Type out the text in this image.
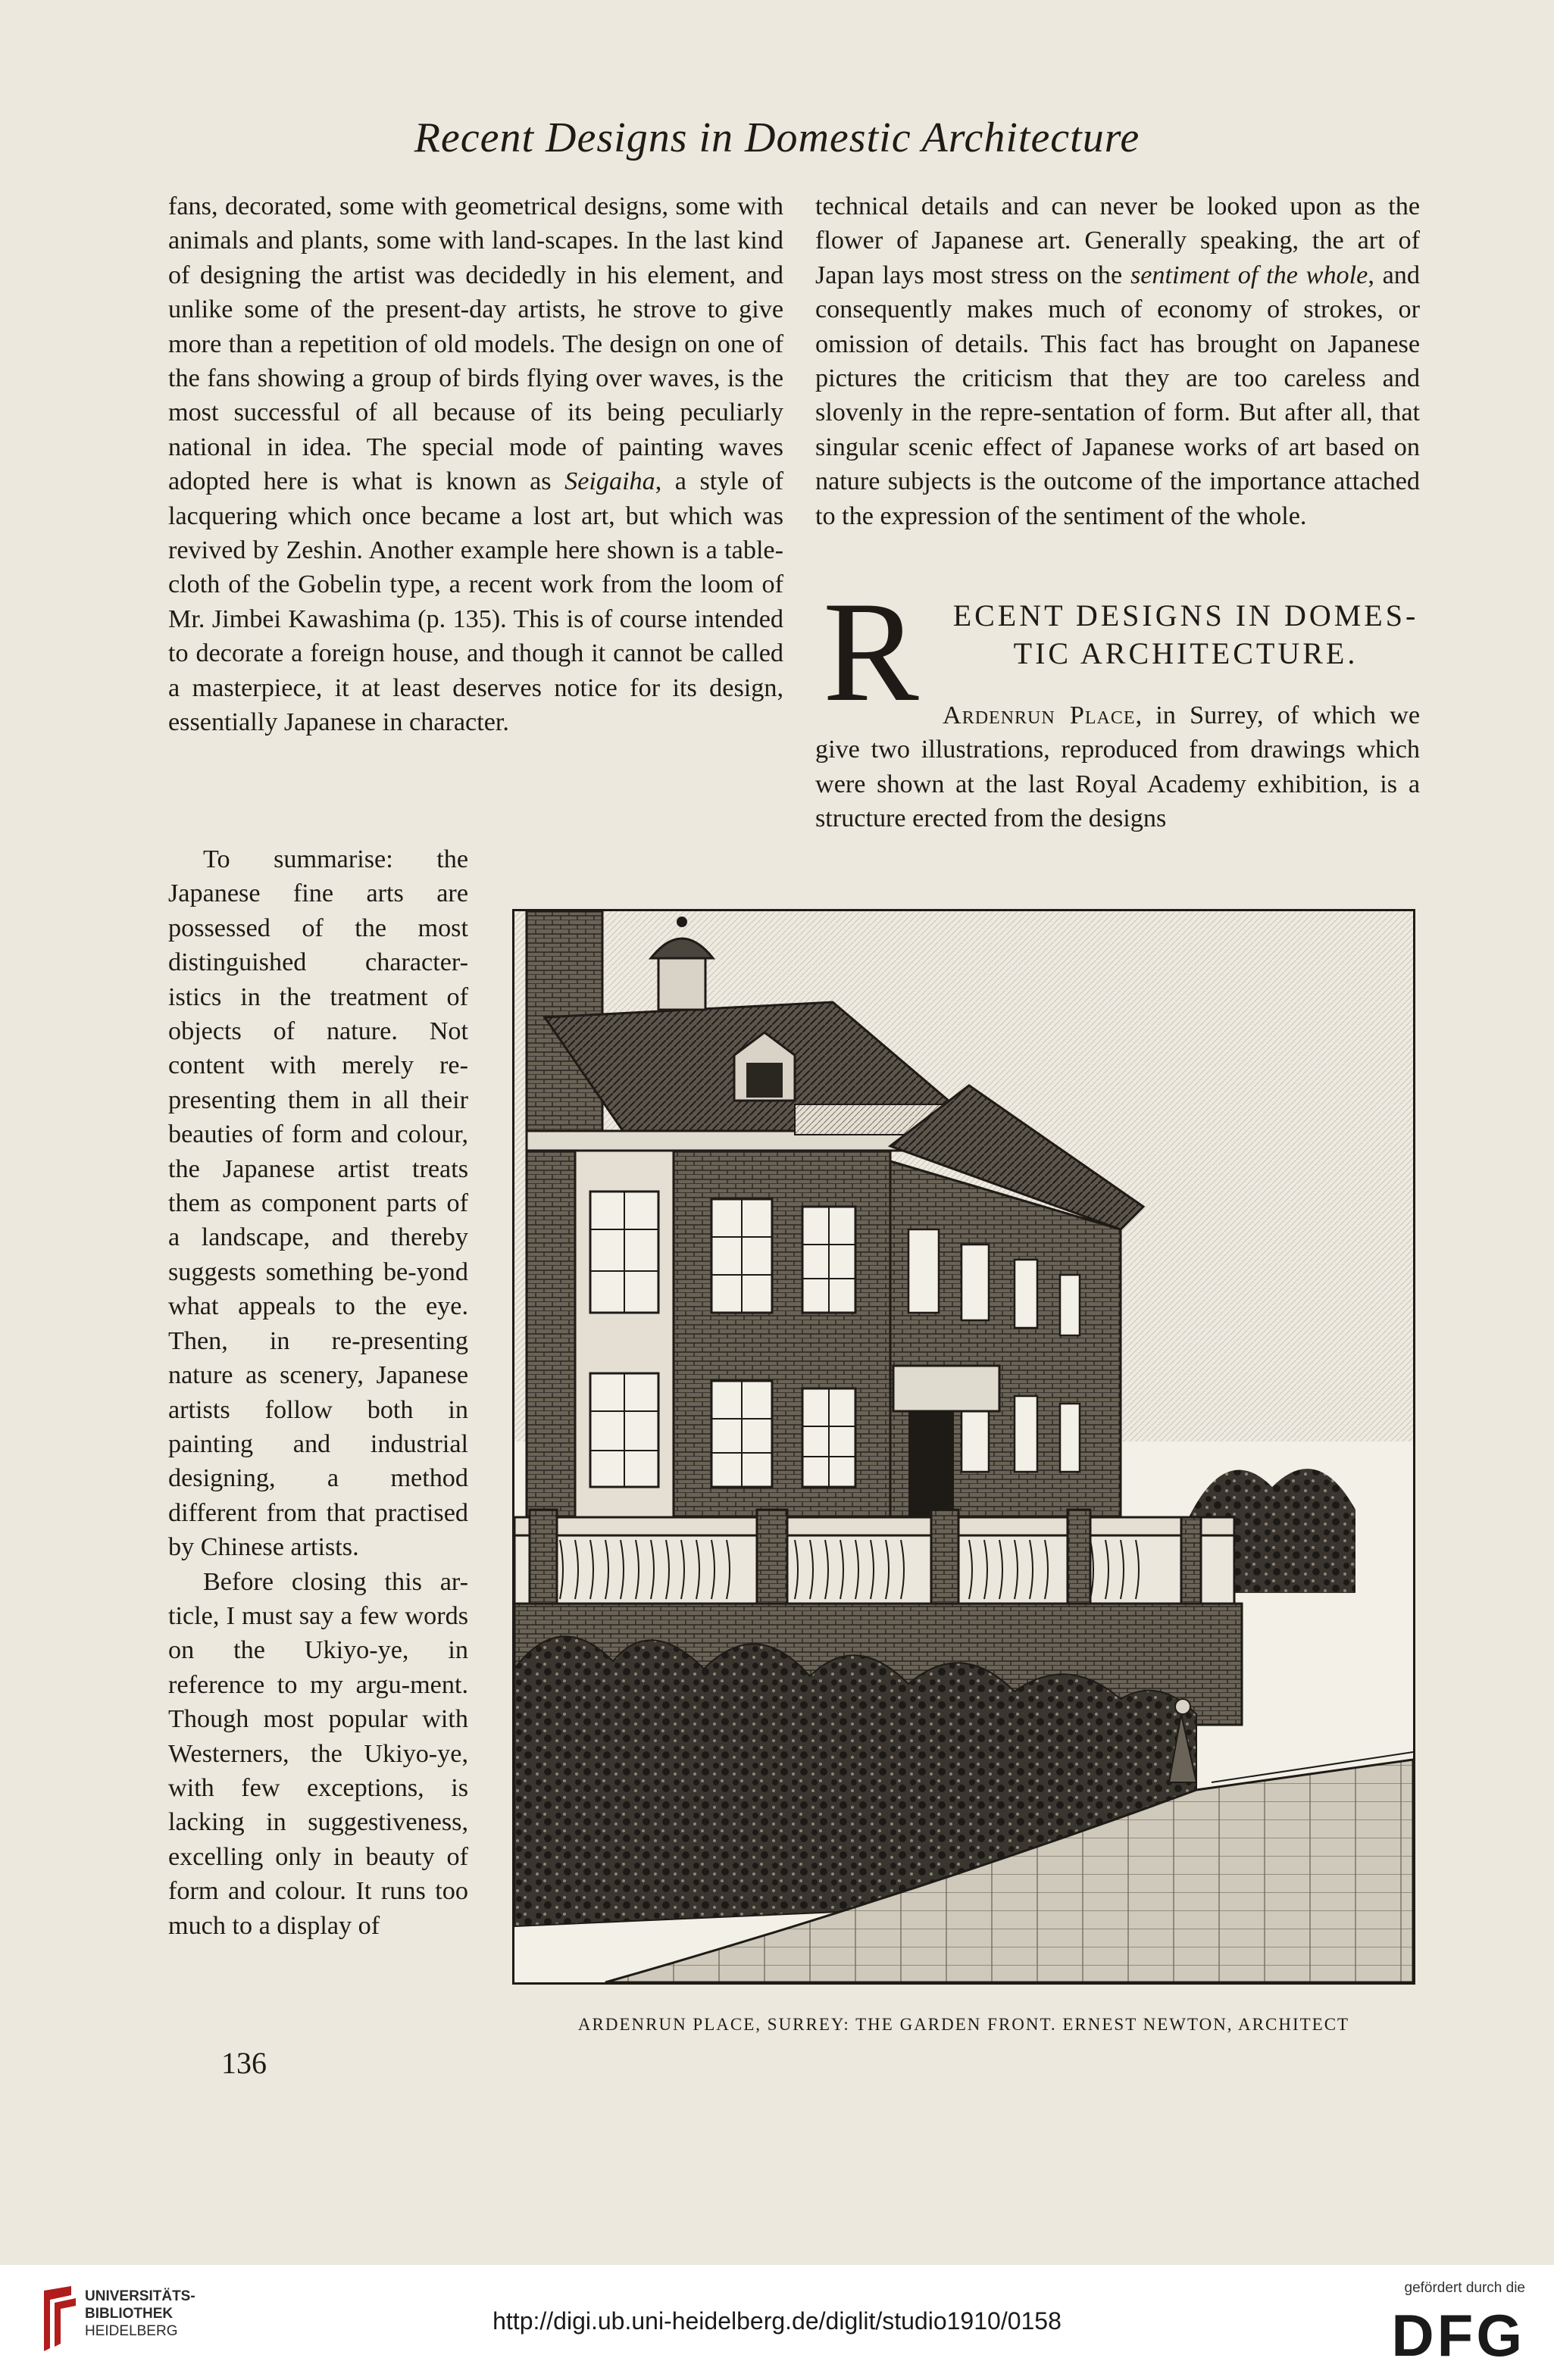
Recent Designs in Domestic Architecture

fans, decorated, some with geometrical designs, some with animals and plants, some with land-scapes. In the last kind of designing the artist was decidedly in his element, and unlike some of the present-day artists, he strove to give more than a repetition of old models. The design on one of the fans showing a group of birds flying over waves, is the most successful of all because of its being peculiarly national in idea. The special mode of painting waves adopted here is what is known as Seigaiha, a style of lacquering which once became a lost art, but which was revived by Zeshin. Another example here shown is a table-cloth of the Gobelin type, a recent work from the loom of Mr. Jimbei Kawashima (p. 135). This is of course intended to decorate a foreign house, and though it cannot be called a masterpiece, it at least deserves notice for its design, essentially Japanese in character.

To summarise: the Japanese fine arts are possessed of the most distinguished character-istics in the treatment of objects of nature. Not content with merely re-presenting them in all their beauties of form and colour, the Japanese artist treats them as component parts of a landscape, and thereby suggests something be-yond what appeals to the eye. Then, in re-presenting nature as scenery, Japanese artists follow both in painting and industrial designing, a method different from that practised by Chinese artists.

Before closing this ar-ticle, I must say a few words on the Ukiyo-ye, in reference to my argu-ment. Though most popular with Westerners, the Ukiyo-ye, with few exceptions, is lacking in suggestiveness, excelling only in beauty of form and colour. It runs too much to a display of

technical details and can never be looked upon as the flower of Japanese art. Generally speaking, the art of Japan lays most stress on the sentiment of the whole, and consequently makes much of economy of strokes, or omission of details. This fact has brought on Japanese pictures the criticism that they are too careless and slovenly in the repre-sentation of form. But after all, that singular scenic effect of Japanese works of art based on nature subjects is the outcome of the importance attached to the expression of the sentiment of the whole.

R	ECENT DESIGNS IN DOMES-TIC ARCHITECTURE.

Ardenrun Place, in Surrey, of which we give two illustrations, reproduced from drawings which were shown at the last Royal Academy exhibition, is a structure erected from the designs

ARDENRUN PLACE, SURREY: THE GARDEN FRONT. ERNEST NEWTON, ARCHITECT
136
UNIVERSITÄTS-
BIBLIOTHEK
HEIDELBERG	http://digi.ub.uni-heidelberg.de/diglit/studio1910/0158
gefördert durch die
DFG
